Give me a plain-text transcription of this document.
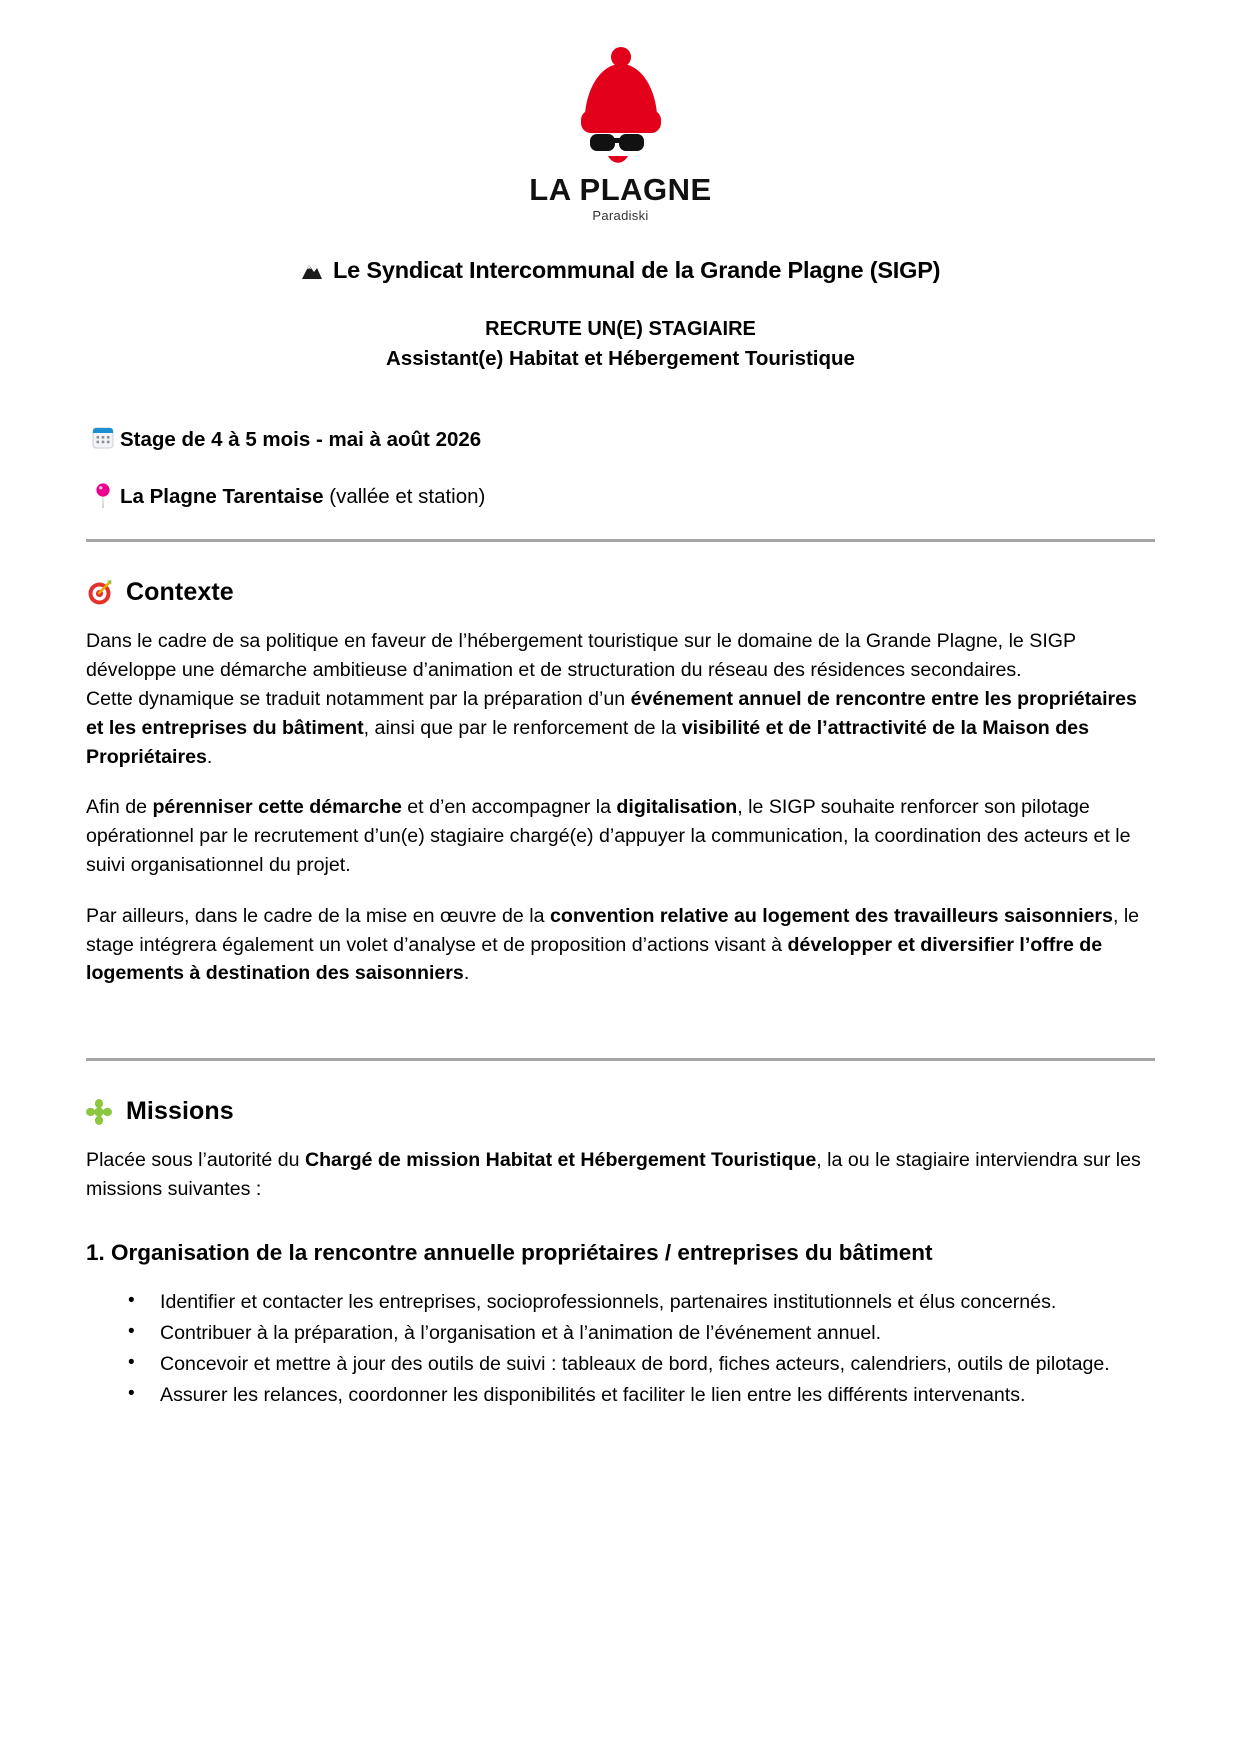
LA PLAGNE
Paradiski
Le Syndicat Intercommunal de la Grande Plagne (SIGP)
RECRUTE UN(E) STAGIAIRE
Assistant(e) Habitat et Hébergement Touristique
Stage de 4 à 5 mois - mai à août 2026
La Plagne Tarentaise (vallée et station)
Contexte

Dans le cadre de sa politique en faveur de l’hébergement touristique sur le domaine de la Grande Plagne, le SIGP développe une démarche ambitieuse d’animation et de structuration du réseau des résidences secondaires.
Cette dynamique se traduit notamment par la préparation d’un événement annuel de rencontre entre les propriétaires et les entreprises du bâtiment, ainsi que par le renforcement de la visibilité et de l’attractivité de la Maison des Propriétaires.

Afin de pérenniser cette démarche et d’en accompagner la digitalisation, le SIGP souhaite renforcer son pilotage opérationnel par le recrutement d’un(e) stagiaire chargé(e) d’appuyer la communication, la coordination des acteurs et le suivi organisationnel du projet.

Par ailleurs, dans le cadre de la mise en œuvre de la convention relative au logement des travailleurs saisonniers, le stage intégrera également un volet d’analyse et de proposition d’actions visant à développer et diversifier l’offre de logements à destination des saisonniers.

Missions

Placée sous l’autorité du Chargé de mission Habitat et Hébergement Touristique, la ou le stagiaire interviendra sur les missions suivantes :

1. Organisation de la rencontre annuelle propriétaires / entreprises du bâtiment
• Identifier et contacter les entreprises, socioprofessionnels, partenaires institutionnels et élus concernés.
• Contribuer à la préparation, à l’organisation et à l’animation de l’événement annuel.
• Concevoir et mettre à jour des outils de suivi : tableaux de bord, fiches acteurs, calendriers, outils de pilotage.
• Assurer les relances, coordonner les disponibilités et faciliter le lien entre les différents intervenants.
